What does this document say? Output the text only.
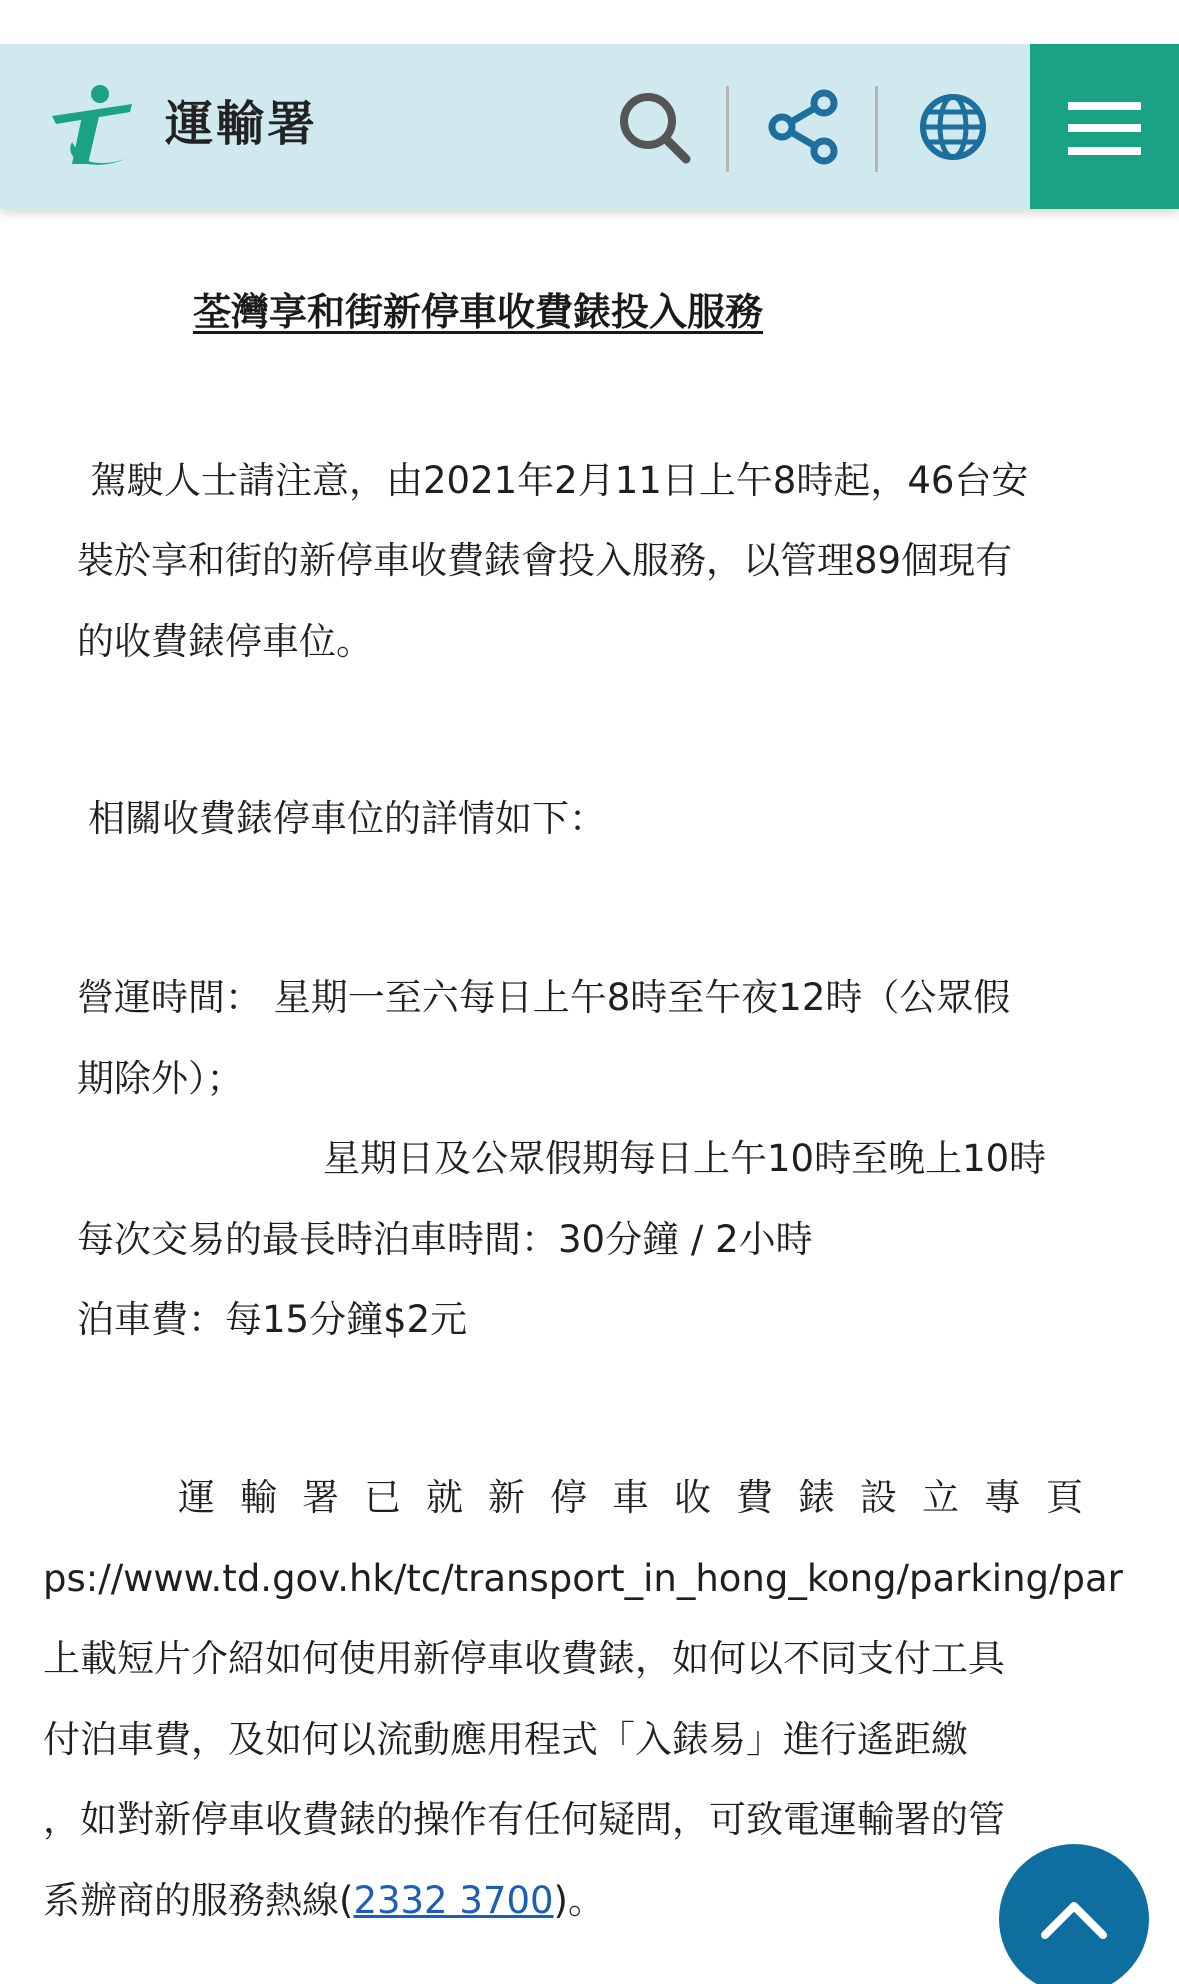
運輸署
荃灣享和街新停車收費錶投入服務
駕駛人士請注意，由2021年2月11日上午8時起，46台安
裝於享和街的新停車收費錶會投入服務，以管理89個現有
的收費錶停車位。
相關收費錶停車位的詳情如下：
營運時間： 星期一至六每日上午8時至午夜12時（公眾假
期除外）；
星期日及公眾假期每日上午10時至晚上10時
每次交易的最長時泊車時間：30分鐘 / 2小時
泊車費：每15分鐘$2元
運輸署已就新停車收費錶設立專頁
ps://www.td.gov.hk/tc/transport_in_hong_kong/parking/par
上載短片介紹如何使用新停車收費錶，如何以不同支付工具
付泊車費，及如何以流動應用程式「入錶易」進行遙距繳
，如對新停車收費錶的操作有任何疑問，可致電運輸署的管
系辦商的服務熱線(2332 3700)。
